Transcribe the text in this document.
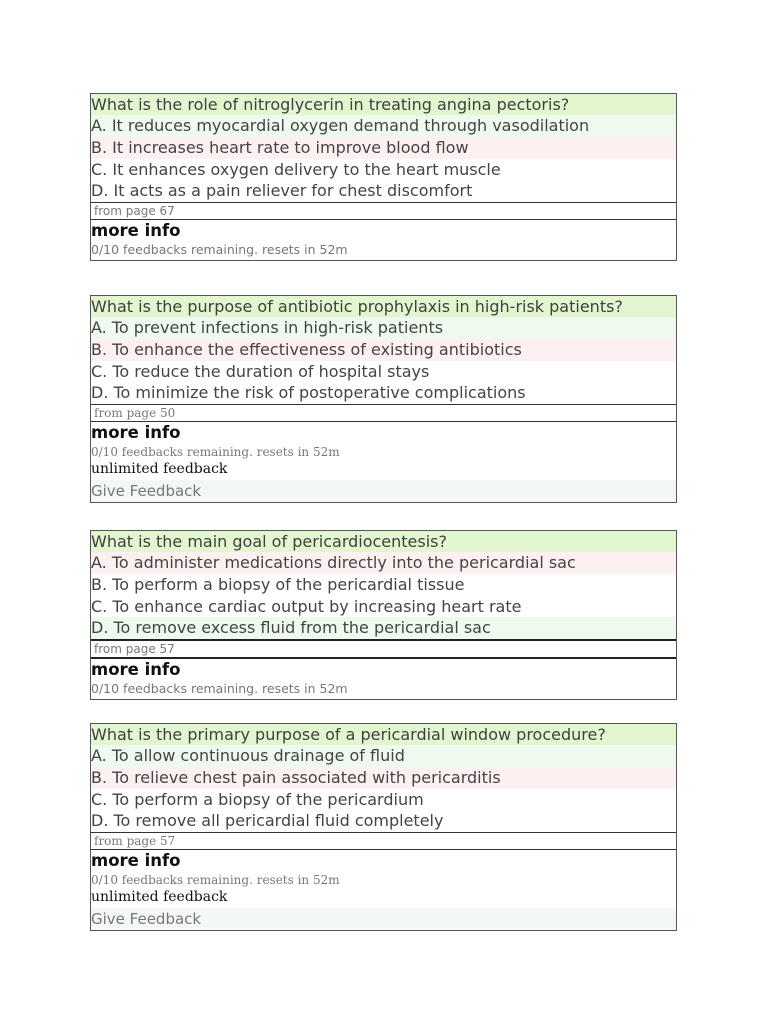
What is the role of nitroglycerin in treating angina pectoris?
A. It reduces myocardial oxygen demand through vasodilation
B. It increases heart rate to improve blood flow
C. It enhances oxygen delivery to the heart muscle
D. It acts as a pain reliever for chest discomfort
from page 67
more info
0/10 feedbacks remaining. resets in 52m
What is the purpose of antibiotic prophylaxis in high-risk patients?
A. To prevent infections in high-risk patients
B. To enhance the effectiveness of existing antibiotics
C. To reduce the duration of hospital stays
D. To minimize the risk of postoperative complications
from page 50
more info
0/10 feedbacks remaining. resets in 52m
unlimited feedback
Give Feedback
What is the main goal of pericardiocentesis?
A. To administer medications directly into the pericardial sac
B. To perform a biopsy of the pericardial tissue
C. To enhance cardiac output by increasing heart rate
D. To remove excess fluid from the pericardial sac
from page 57
more info
0/10 feedbacks remaining. resets in 52m
What is the primary purpose of a pericardial window procedure?
A. To allow continuous drainage of fluid
B. To relieve chest pain associated with pericarditis
C. To perform a biopsy of the pericardium
D. To remove all pericardial fluid completely
from page 57
more info
0/10 feedbacks remaining. resets in 52m
unlimited feedback
Give Feedback
